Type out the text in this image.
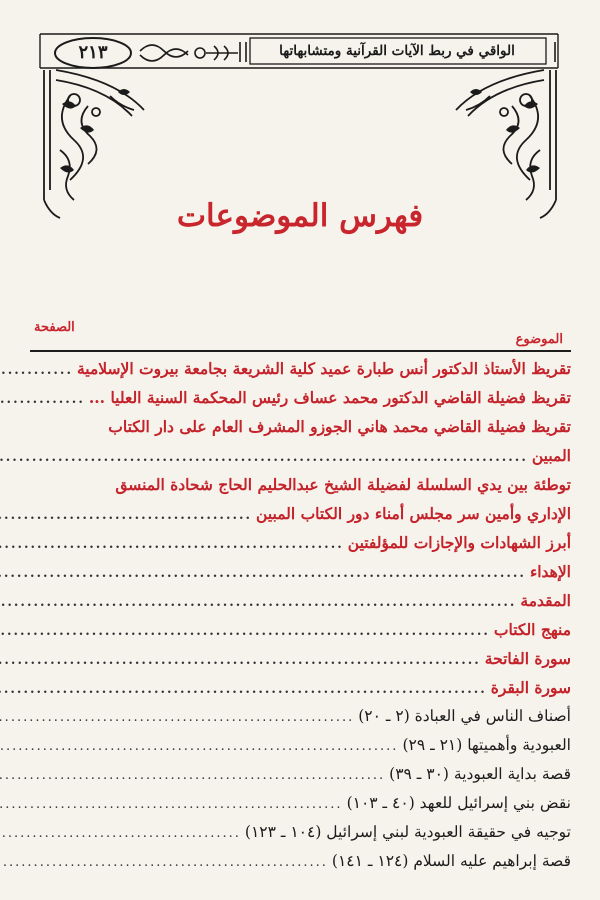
٢١٣	الواقي في ربط الآيات القرآنية ومتشابهاتها
فهرس الموضوعات
الموضوع
الصفحة
تقريظ الأستاذ الدكتور أنس طبارة عميد كلية الشريعة بجامعة بيروت الإسلامية
.....
تقريظ فضيلة القاضي الدكتور محمد عساف رئيس المحكمة السنية العليا ...
.....
تقريظ فضيلة القاضي محمد هاني الجوزو المشرف العام على دار الكتاب
المبين
.....
توطئة بين يدي السلسلة لفضيلة الشيخ عبدالحليم الحاج شحادة المنسق
الإداري وأمين سر مجلس أمناء دور الكتاب المبين
.....
أبرز الشهادات والإجازات للمؤلفتين
.....
الإهداء
.....
المقدمة
.....
منهج الكتاب
.....
سورة الفاتحة
.....
سورة البقرة
.....
أصناف الناس في العبادة (٢ ـ ٢٠)
.....
العبودية وأهميتها (٢١ ـ ٢٩)
.....
قصة بداية العبودية (٣٠ ـ ٣٩)
.....
نقض بني إسرائيل للعهد (٤٠ ـ ١٠٣)
.....
توجيه في حقيقة العبودية لبني إسرائيل (١٠٤ ـ ١٢٣)
.....
قصة إبراهيم عليه السلام (١٢٤ ـ ١٤١)
.....
